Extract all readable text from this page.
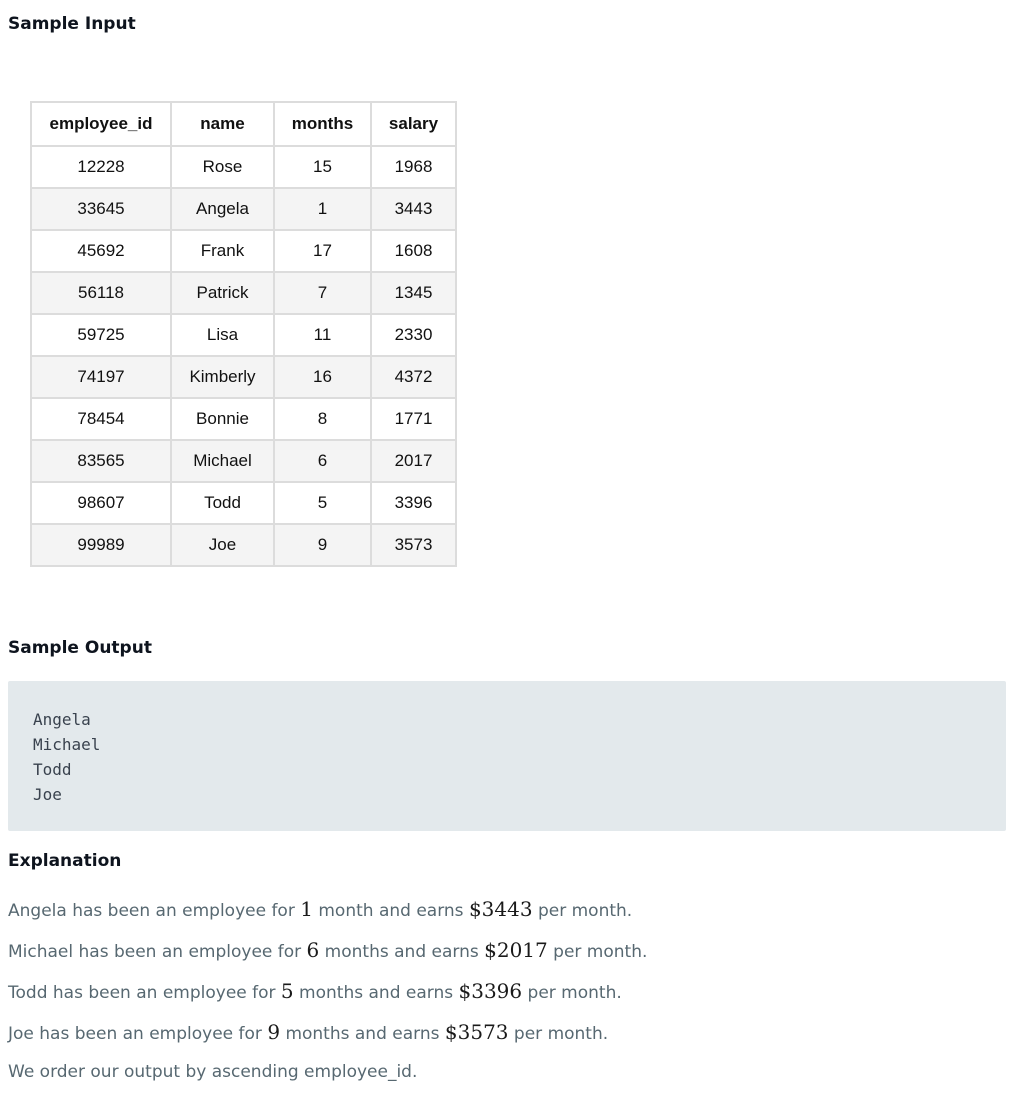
Sample Input
employee_id	name	months	salary
12228	Rose	15	1968
33645	Angela	1	3443
45692	Frank	17	1608
56118	Patrick	7	1345
59725	Lisa	11	2330
74197	Kimberly	16	4372
78454	Bonnie	8	1771
83565	Michael	6	2017
98607	Todd	5	3396
99989	Joe	9	3573
Sample Output
Angela
Michael
Todd
Joe
Explanation

Angela has been an employee for 1 month and earns $3443 per month.

Michael has been an employee for 6 months and earns $2017 per month.

Todd has been an employee for 5 months and earns $3396 per month.

Joe has been an employee for 9 months and earns $3573 per month.

We order our output by ascending employee_id.
